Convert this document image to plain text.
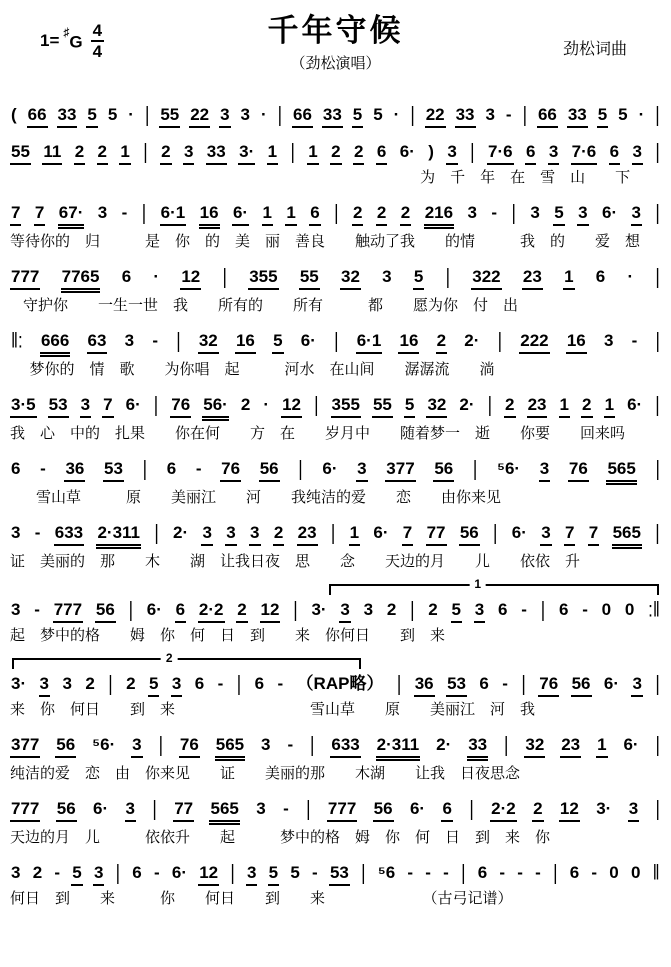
$1= ^♯G \frac{4}{4}$	千年守候
（劲松演唱）
劲松词曲
( 66 33 5 5 · | 55 22 3 3 · | 66 33 5 5 · | 22 33 3 - | 66 33 5 5 · |
55 11 2 2 1 | 2 3 33 3· 1 | 1 2 2 6 6· ) 3 | 7·6 6 3 7·6 6 3 |
为　千　年　在　雪　山　　下
7 7 67· 3 - | 6·1 16 6· 1 1 6 | 2 2 2 216 3 - | 3 5 3 6· 3 |
等待你的　归　　　是　你　的　美　丽　善良　　触动了我　　的情　　　我　的　　爱　想
777 7765 6 · 12 | 355 55 32 3 5 | 322 23 1 6 · |
守护你　　一生一世　我　　所有的　　所有　　　都　　愿为你　付　出
‖: 666 63 3 - | 32 16 5 6· | 6·1 16 2 2· | 222 16 3 - |
梦你的　情　歌　　为你唱　起　　　河水　在山间　　潺潺流　　淌
3·5 53 3 7 6· | 76 56· 2 · 12 | 355 55 5 32 2· | 2 23 1 2 1 6· |
我　心　中的　扎果　　你在何　　方　在　　岁月中　　随着梦一　逝　　你要　　回来吗
6 - 36 53 | 6 - 76 56 | 6· 3 377 56 | ⁵6· 3 76 565 |
雪山草　　　原　　美丽江　　河　　我纯洁的爱　　恋　　由你来见
3 - 633 2·311 | 2· 3 3 3 2 23 | 1 6· 7 77 56 | 6· 3 7 7 565 |
证　美丽的　那　　木　　湖　让我日夜　思　　念　　天边的月　　儿　　依依　升
1
3 - 777 56 | 6· 6 2·2 2 12 | 3· 3 3 2 | 2 5 3 6 - | 6 - 0 0 :‖
起　梦中的格　　姆　你　何　日　到　　来　你何日　　到　来
2
3· 3 3 2 | 2 5 3 6 - | 6 - （RAP略） | 36 53 6 - | 76 56 6· 3 |
来　你　何日　　到　来　　　　　　　　　雪山草　　原　　美丽江　河　我
377 56 ⁵6· 3 | 76 565 3 - | 633 2·311 2· 33 | 32 23 1 6· |
纯洁的爱　恋　由　你来见　　证　　美丽的那　　木湖　　让我　日夜思念
777 56 6· 3 | 77 565 3 - | 777 56 6· 6 | 2·2 2 12 3· 3 |
天边的月　儿　　　依依升　　起　　　梦中的格　姆　你　何　日　到　来　你
3 2 - 5 3 | 6 - 6· 12 | 3 5 5 - 53 | ⁵6 - - - | 6 - - - | 6 - 0 0 ‖
何日　到　　来　　　你　　何日　　到　　来　　　　　　　（古弓记谱）
